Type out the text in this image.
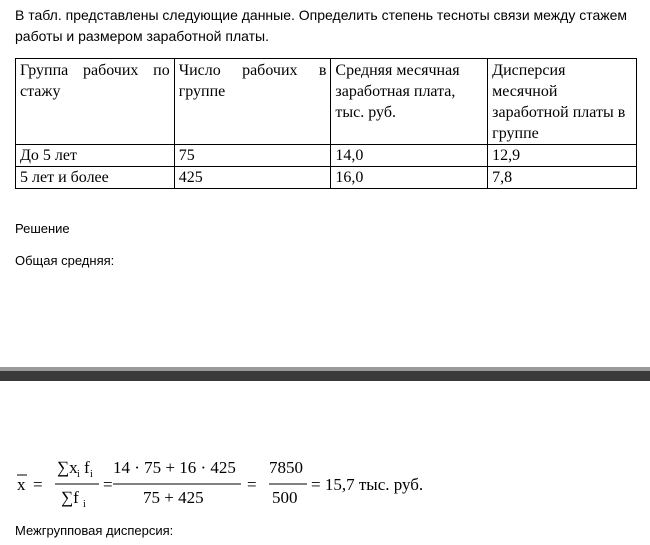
В табл. представлены следующие данные. Определить степень тесноты связи между стажем работы и размером заработной платы.
Группа рабочих по стажу	Число рабочих в группе	Средняя месячная заработная плата, тыс. руб.	Дисперсия месячной заработной платы в группе
До 5 лет	75	14,0	12,9
5 лет и более	425	16,0	7,8
Решение
Общая средняя:
x =
∑x i f i
∑f i
=
14 · 75 + 16 · 425
75 + 425
=
7850
500
= 15,7 тыс. руб.
Межгрупповая дисперсия:
